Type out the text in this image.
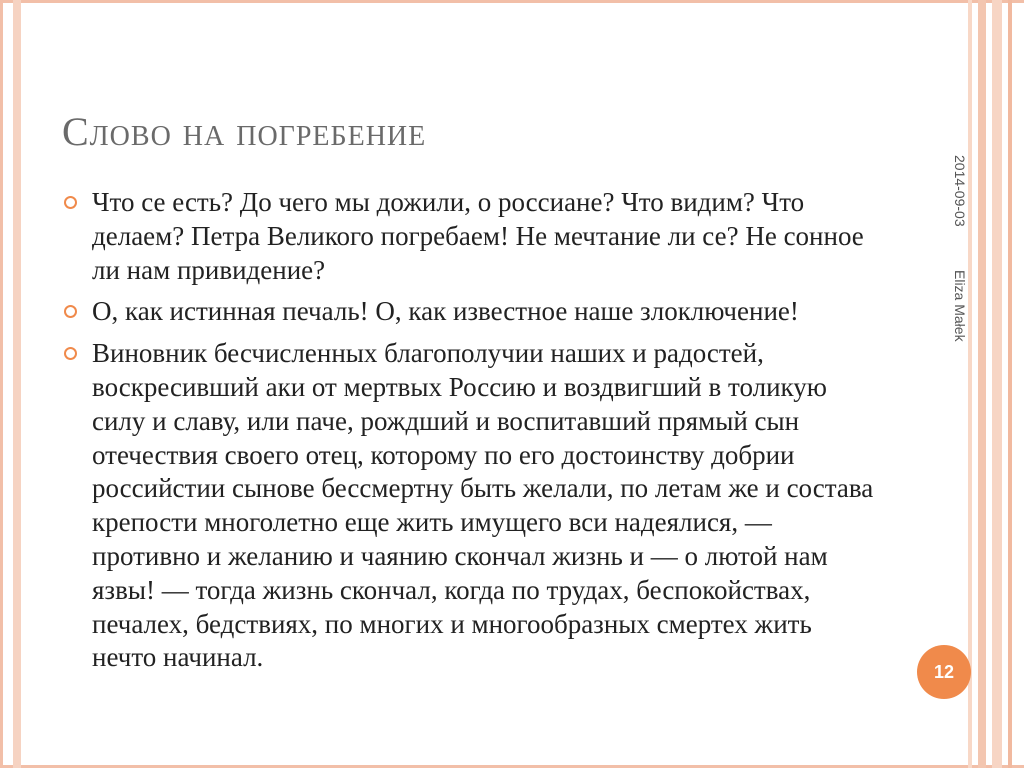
Слово на погребение
Что се есть? До чего мы дожили, о россиане? Что видим? Что делаем? Петра Великого погребаем! Не мечтание ли се? Не сонное ли нам привидение?
О, как истинная печаль! О, как известное наше злоключение!
Виновник бесчисленных благополучии наших и радостей, воскресивший аки от мертвых Россию и воздвигший в толикую силу и славу, или паче, рождший и воспитавший прямый сын отечествия своего отец, которому по его достоинству добрии российстии сынове бессмертну быть желали, по летам же и состава крепости многолетно еще жить имущего вси надеялися, — противно и желанию и чаянию скончал жизнь и — о лютой нам язвы! — тогда жизнь скончал, когда по трудах, беспокойствах, печалех, бедствиях, по многих и многообразных смертех жить нечто начинал.
2014-09-03
Eliza Małek
12
